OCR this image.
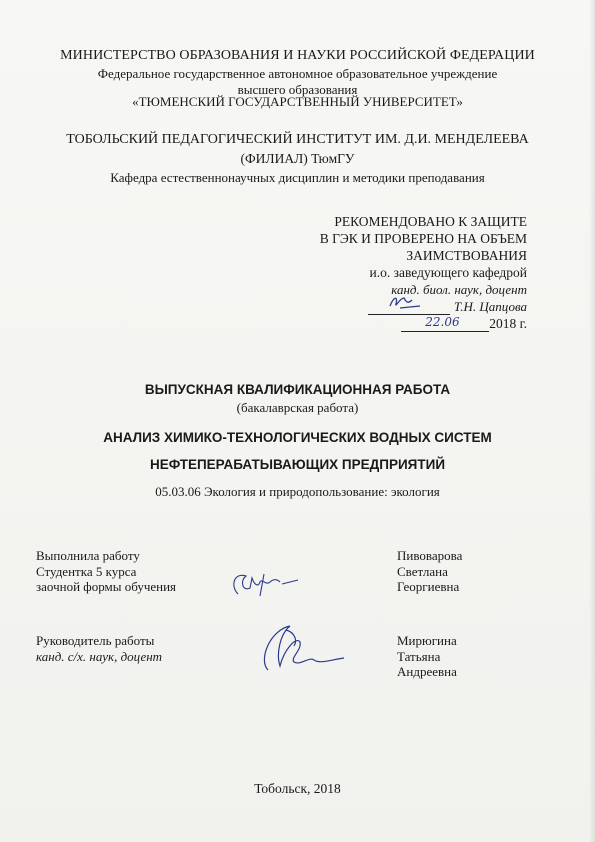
МИНИСТЕРСТВО ОБРАЗОВАНИЯ И НАУКИ РОССИЙСКОЙ ФЕДЕРАЦИИ
Федеральное государственное автономное образовательное учреждение
высшего образования
«ТЮМЕНСКИЙ ГОСУДАРСТВЕННЫЙ УНИВЕРСИТЕТ»
ТОБОЛЬСКИЙ ПЕДАГОГИЧЕСКИЙ ИНСТИТУТ ИМ. Д.И. МЕНДЕЛЕЕВА
(ФИЛИАЛ) ТюмГУ
Кафедра естественнонаучных дисциплин и методики преподавания
РЕКОМЕНДОВАНО К ЗАЩИТЕ
В ГЭК И ПРОВЕРЕНО НА ОБЪЕМ
ЗАИМСТВОВАНИЯ
и.о. заведующего кафедрой
канд. биол. наук, доцент
Т.Н. Цапцова
22.06 2018 г.
ВЫПУСКНАЯ КВАЛИФИКАЦИОННАЯ РАБОТА
(бакалаврская работа)
АНАЛИЗ ХИМИКО-ТЕХНОЛОГИЧЕСКИХ ВОДНЫХ СИСТЕМ
НЕФТЕПЕРАБАТЫВАЮЩИХ ПРЕДПРИЯТИЙ
05.03.06 Экология и природопользование: экология
Выполнила работу
Студентка 5 курса
заочной формы обучения
Пивоварова
Светлана
Георгиевна
Руководитель работы
канд. с/х. наук, доцент
Мирюгина
Татьяна
Андреевна
Тобольск, 2018
